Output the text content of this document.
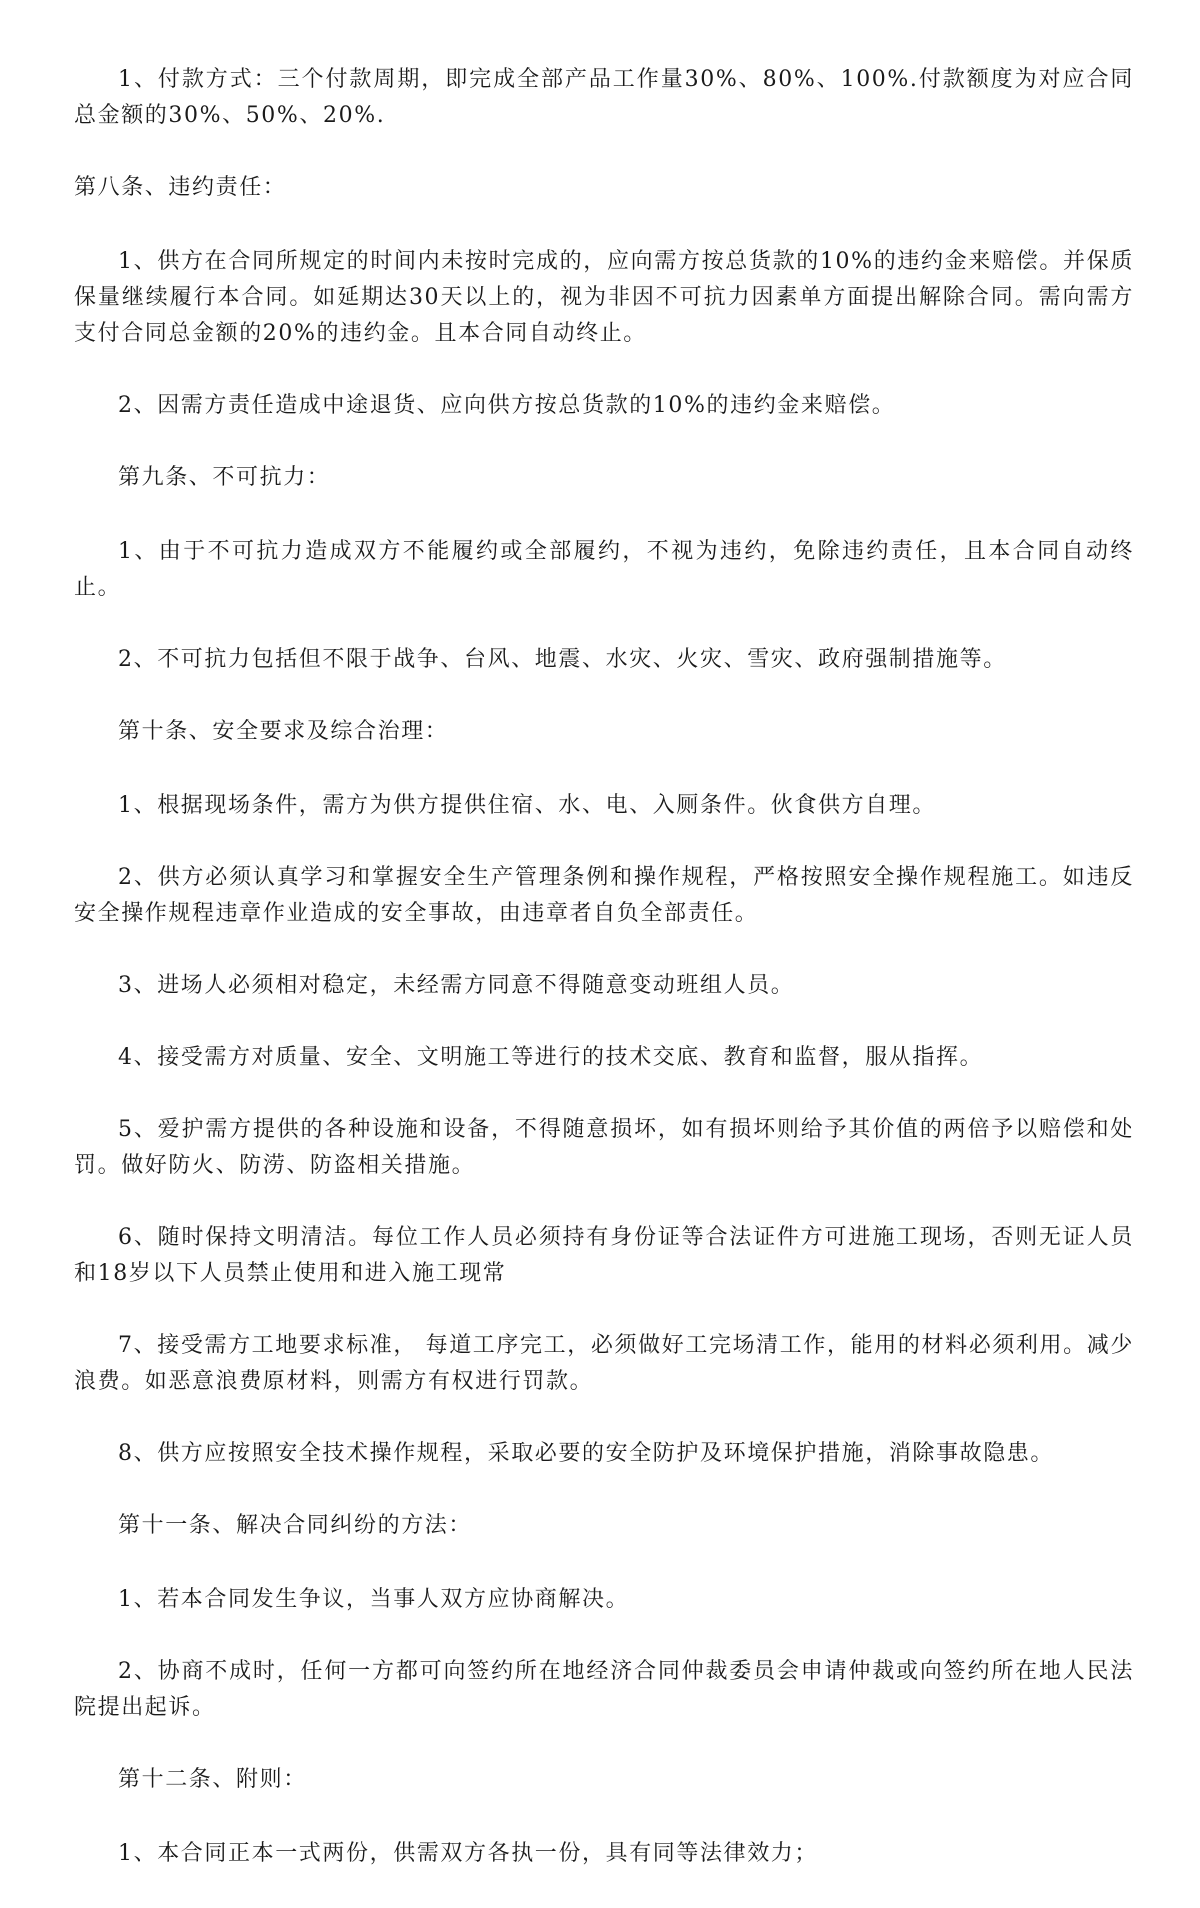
1、付款方式：三个付款周期，即完成全部产品工作量30%、80%、100%.付款额度为对应合同总金额的30%、50%、20%.

第八条、违约责任：

1、供方在合同所规定的时间内未按时完成的，应向需方按总货款的10%的违约金来赔偿。并保质保量继续履行本合同。如延期达30天以上的，视为非因不可抗力因素单方面提出解除合同。需向需方支付合同总金额的20%的违约金。且本合同自动终止。

2、因需方责任造成中途退货、应向供方按总货款的10%的违约金来赔偿。

第九条、不可抗力：

1、由于不可抗力造成双方不能履约或全部履约，不视为违约，免除违约责任，且本合同自动终止。

2、不可抗力包括但不限于战争、台风、地震、水灾、火灾、雪灾、政府强制措施等。

第十条、安全要求及综合治理：

1、根据现场条件，需方为供方提供住宿、水、电、入厕条件。伙食供方自理。

2、供方必须认真学习和掌握安全生产管理条例和操作规程，严格按照安全操作规程施工。如违反安全操作规程违章作业造成的安全事故，由违章者自负全部责任。

3、进场人必须相对稳定，未经需方同意不得随意变动班组人员。

4、接受需方对质量、安全、文明施工等进行的技术交底、教育和监督，服从指挥。

5、爱护需方提供的各种设施和设备，不得随意损坏，如有损坏则给予其价值的两倍予以赔偿和处罚。做好防火、防涝、防盗相关措施。

6、随时保持文明清洁。每位工作人员必须持有身份证等合法证件方可进施工现场，否则无证人员和18岁以下人员禁止使用和进入施工现常

7、接受需方工地要求标准， 每道工序完工，必须做好工完场清工作，能用的材料必须利用。减少浪费。如恶意浪费原材料，则需方有权进行罚款。

8、供方应按照安全技术操作规程，采取必要的安全防护及环境保护措施，消除事故隐患。

第十一条、解决合同纠纷的方法：

1、若本合同发生争议，当事人双方应协商解决。

2、协商不成时，任何一方都可向签约所在地经济合同仲裁委员会申请仲裁或向签约所在地人民法院提出起诉。

第十二条、附则：

1、本合同正本一式两份，供需双方各执一份，具有同等法律效力；
